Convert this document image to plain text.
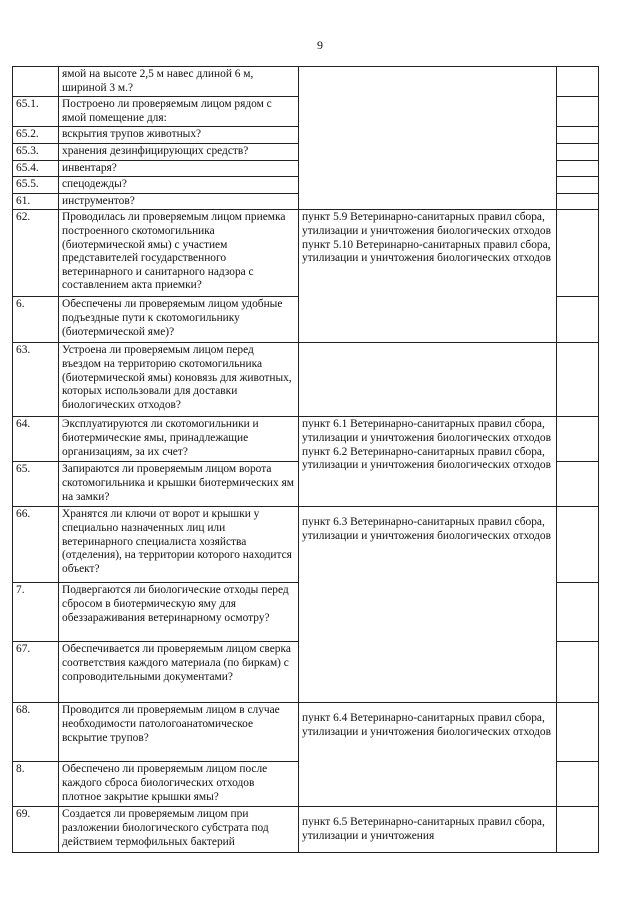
9
	ямой на высоте 2,5 м навес длиной 6 м, шириной 3 м.?		
65.1.	Построено ли проверяемым лицом рядом с ямой помещение для:		
65.2.	вскрытия трупов животных?		
65.3.	хранения дезинфицирующих средств?		
65.4.	инвентаря?		
65.5.	спецодежды?		
61.	инструментов?		
62.	Проводилась ли проверяемым лицом приемка построенного скотомогильника (биотермической ямы) с участием представителей государственного ветеринарного и санитарного надзора с составлением акта приемки?	пункт 5.9 Ветеринарно-санитарных правил сбора, утилизации и уничтожения биологических отходов
пункт 5.10 Ветеринарно-санитарных правил сбора, утилизации и уничтожения биологических отходов	

6.	Обеспечены ли проверяемым лицом удобные подъездные пути к скотомогильнику (биотермической яме)?		
63.	Устроена ли проверяемым лицом перед въездом на территорию скотомогильника (биотермической ямы) коновязь для животных, которых использовали для доставки биологических отходов?		
64.	Эксплуатируются ли скотомогильники и биотермические ямы, принадлежащие организациям, за их счет?	пункт 6.1 Ветеринарно-санитарных правил сбора, утилизации и уничтожения биологических отходов
пункт 6.2 Ветеринарно-санитарных правил сбора, утилизации и уничтожения биологических отходов	

65.	Запираются ли проверяемым лицом ворота скотомогильника и крышки биотермических ям на замки?		
66.	Хранятся ли ключи от ворот и крышки у специально назначенных лиц или ветеринарного специалиста хозяйства (отделения), на территории которого находится объект?	пункт 6.3 Ветеринарно-санитарных правил сбора, утилизации и уничтожения биологических отходов	

7.	Подвергаются ли биологические отходы перед сбросом в биотермическую яму для обеззараживания ветеринарному осмотру?		
67.	Обеспечивается ли проверяемым лицом сверка соответствия каждого материала (по биркам) с сопроводительными документами?		
68.	Проводится ли проверяемым лицом в случае необходимости патологоанатомическое вскрытие трупов?	пункт 6.4 Ветеринарно-санитарных правил сбора, утилизации и уничтожения биологических отходов	

8.	Обеспечено ли проверяемым лицом после каждого сброса биологических отходов плотное закрытие крышки ямы?		
69.	Создается ли проверяемым лицом при разложении биологического субстрата под действием термофильных бактерий	пункт 6.5 Ветеринарно-санитарных правил сбора, утилизации и уничтожения	
